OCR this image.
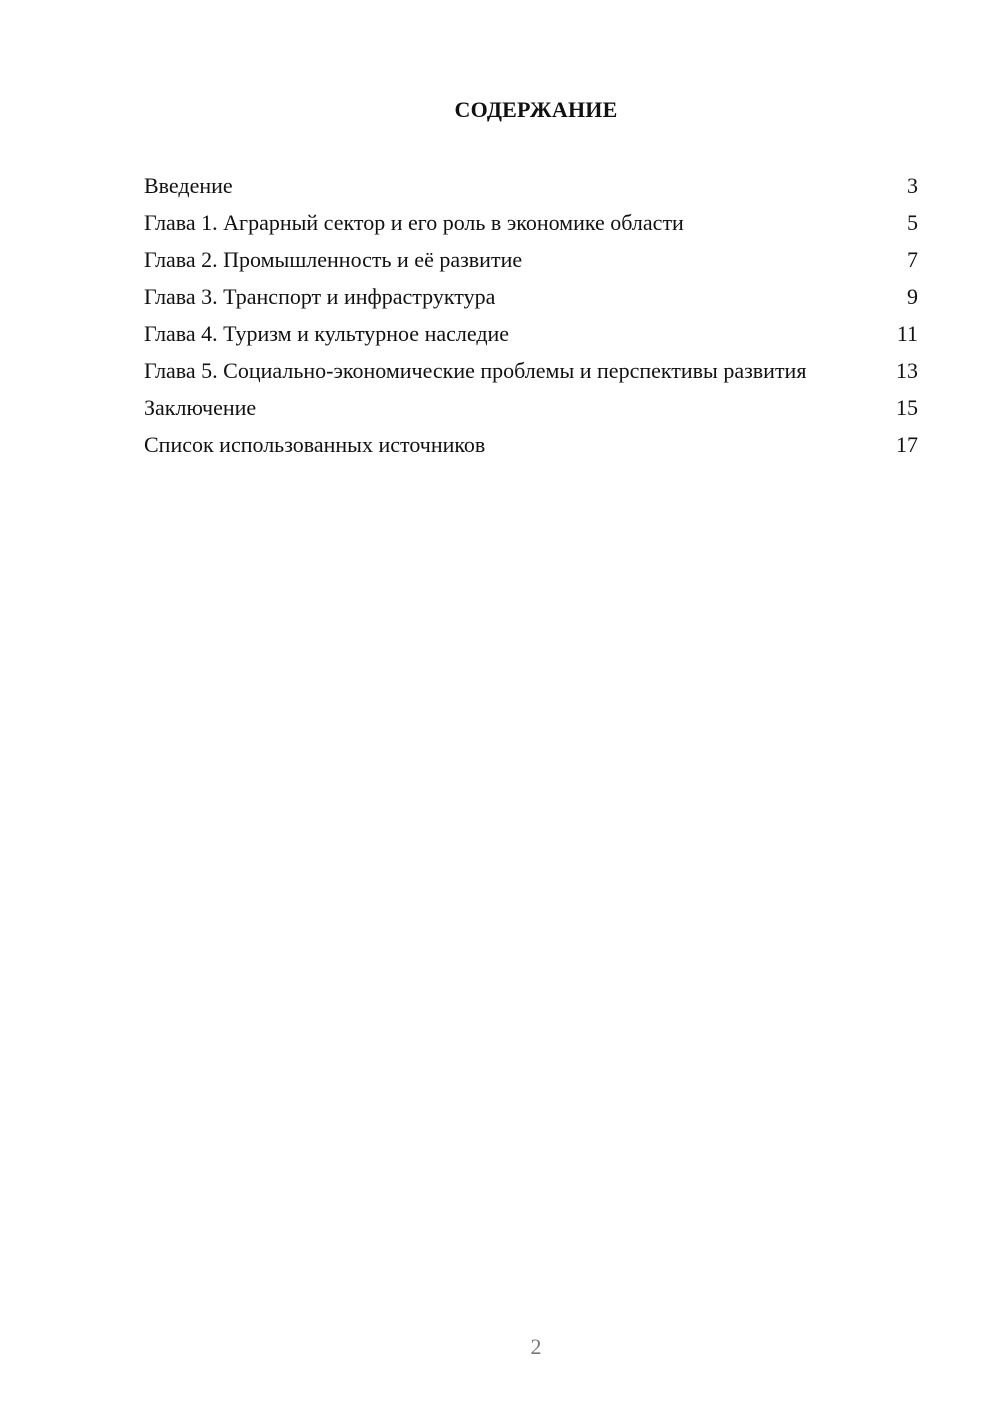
СОДЕРЖАНИЕ
Введение	3
Глава 1. Аграрный сектор и его роль в экономике области	5
Глава 2. Промышленность и её развитие	7
Глава 3. Транспорт и инфраструктура	9
Глава 4. Туризм и культурное наследие	11
Глава 5. Социально-экономические проблемы и перспективы развития	13
Заключение	15
Список использованных источников	17
2
